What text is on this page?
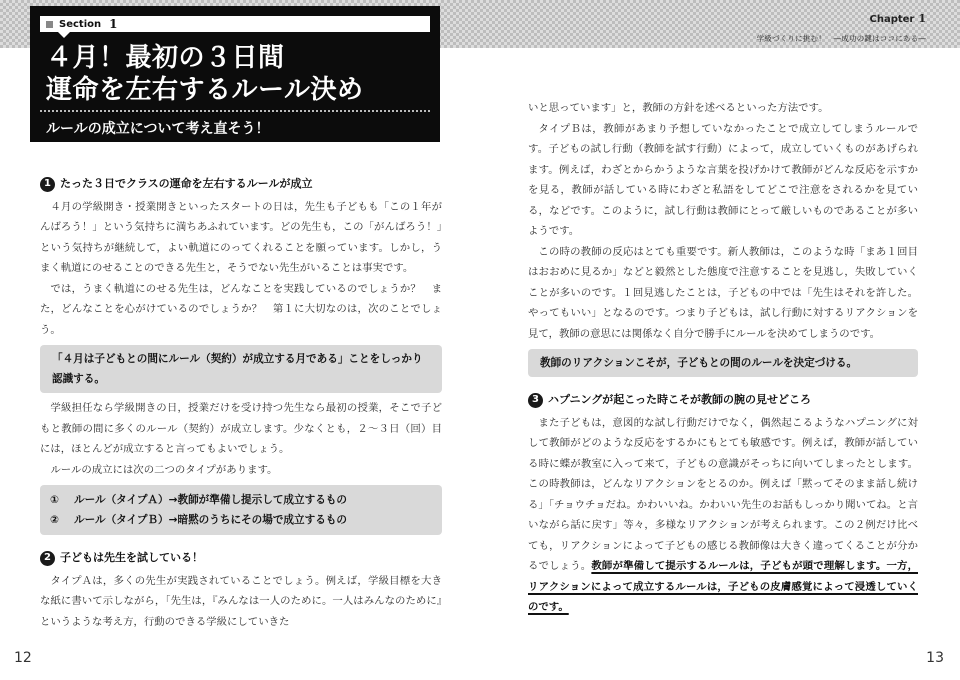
Section 1
４月！最初の３日間
運命を左右するルール決め
ルールの成立について考え直そう！
1 たった３日でクラスの運命を左右するルールが成立

４月の学級開き・授業開きといったスタートの日は，先生も子どもも「この１年がんばろう！」という気持ちに満ちあふれています。どの先生も，この「がんばろう！」という気持ちが継続して，よい軌道にのってくれることを願っています。しかし，うまく軌道にのせることのできる先生と，そうでない先生がいることは事実です。

では，うまく軌道にのせる先生は，どんなことを実践しているのでしょうか？　また，どんなことを心がけているのでしょうか？　第１に大切なのは，次のことでしょう。

「４月は子どもとの間にルール（契約）が成立する月である」ことをしっかり認識する。

学級担任なら学級開きの日，授業だけを受け持つ先生なら最初の授業，そこで子どもと教師の間に多くのルール（契約）が成立します。少なくとも，２～３日（回）目には，ほとんどが成立すると言ってもよいでしょう。

ルールの成立には次の二つのタイプがあります。

①	ルール（タイプＡ）→教師が準備し提示して成立するもの
②	ルール（タイプＢ）→暗黙のうちにその場で成立するもの
2 子どもは先生を試している！

タイプＡは，多くの先生が実践されていることでしょう。例えば，学級目標を大きな紙に書いて示しながら，「先生は，『みんなは一人のために。一人はみんなのために』というような考え方，行動のできる学級にしていきた

12
Chapter 1
学級づくりに挑む！　―成功の鍵はココにある―

いと思っています」と，教師の方針を述べるといった方法です。

タイプＢは，教師があまり予想していなかったことで成立してしまうルールです。子どもの試し行動（教師を試す行動）によって，成立していくものがあげられます。例えば，わざとからかうような言葉を投げかけて教師がどんな反応を示すかを見る，教師が話している時にわざと私語をしてどこで注意をされるかを見ている，などです。このように，試し行動は教師にとって厳しいものであることが多いようです。

この時の教師の反応はとても重要です。新人教師は，このような時「まあ１回目はおおめに見るか」などと毅然とした態度で注意することを見逃し，失敗していくことが多いのです。１回見逃したことは，子どもの中では「先生はそれを許した。やってもいい」となるのです。つまり子どもは，試し行動に対するリアクションを見て，教師の意思には関係なく自分で勝手にルールを決めてしまうのです。

教師のリアクションこそが，子どもとの間のルールを決定づける。
3 ハプニングが起こった時こそが教師の腕の見せどころ

また子どもは，意図的な試し行動だけでなく，偶然起こるようなハプニングに対して教師がどのような反応をするかにもとても敏感です。例えば，教師が話している時に蝶が教室に入って来て，子どもの意識がそっちに向いてしまったとします。この時教師は，どんなリアクションをとるのか。例えば「黙ってそのまま話し続ける」「チョウチョだね。かわいいね。かわいい先生のお話もしっかり聞いてね。と言いながら話に戻す」等々，多様なリアクションが考えられます。この２例だけ比べても，リアクションによって子どもの感じる教師像は大きく違ってくることが分かるでしょう。教師が準備して提示するルールは，子どもが頭で理解します。一方，リアクションによって成立するルールは，子どもの皮膚感覚によって浸透していくのです。

13
